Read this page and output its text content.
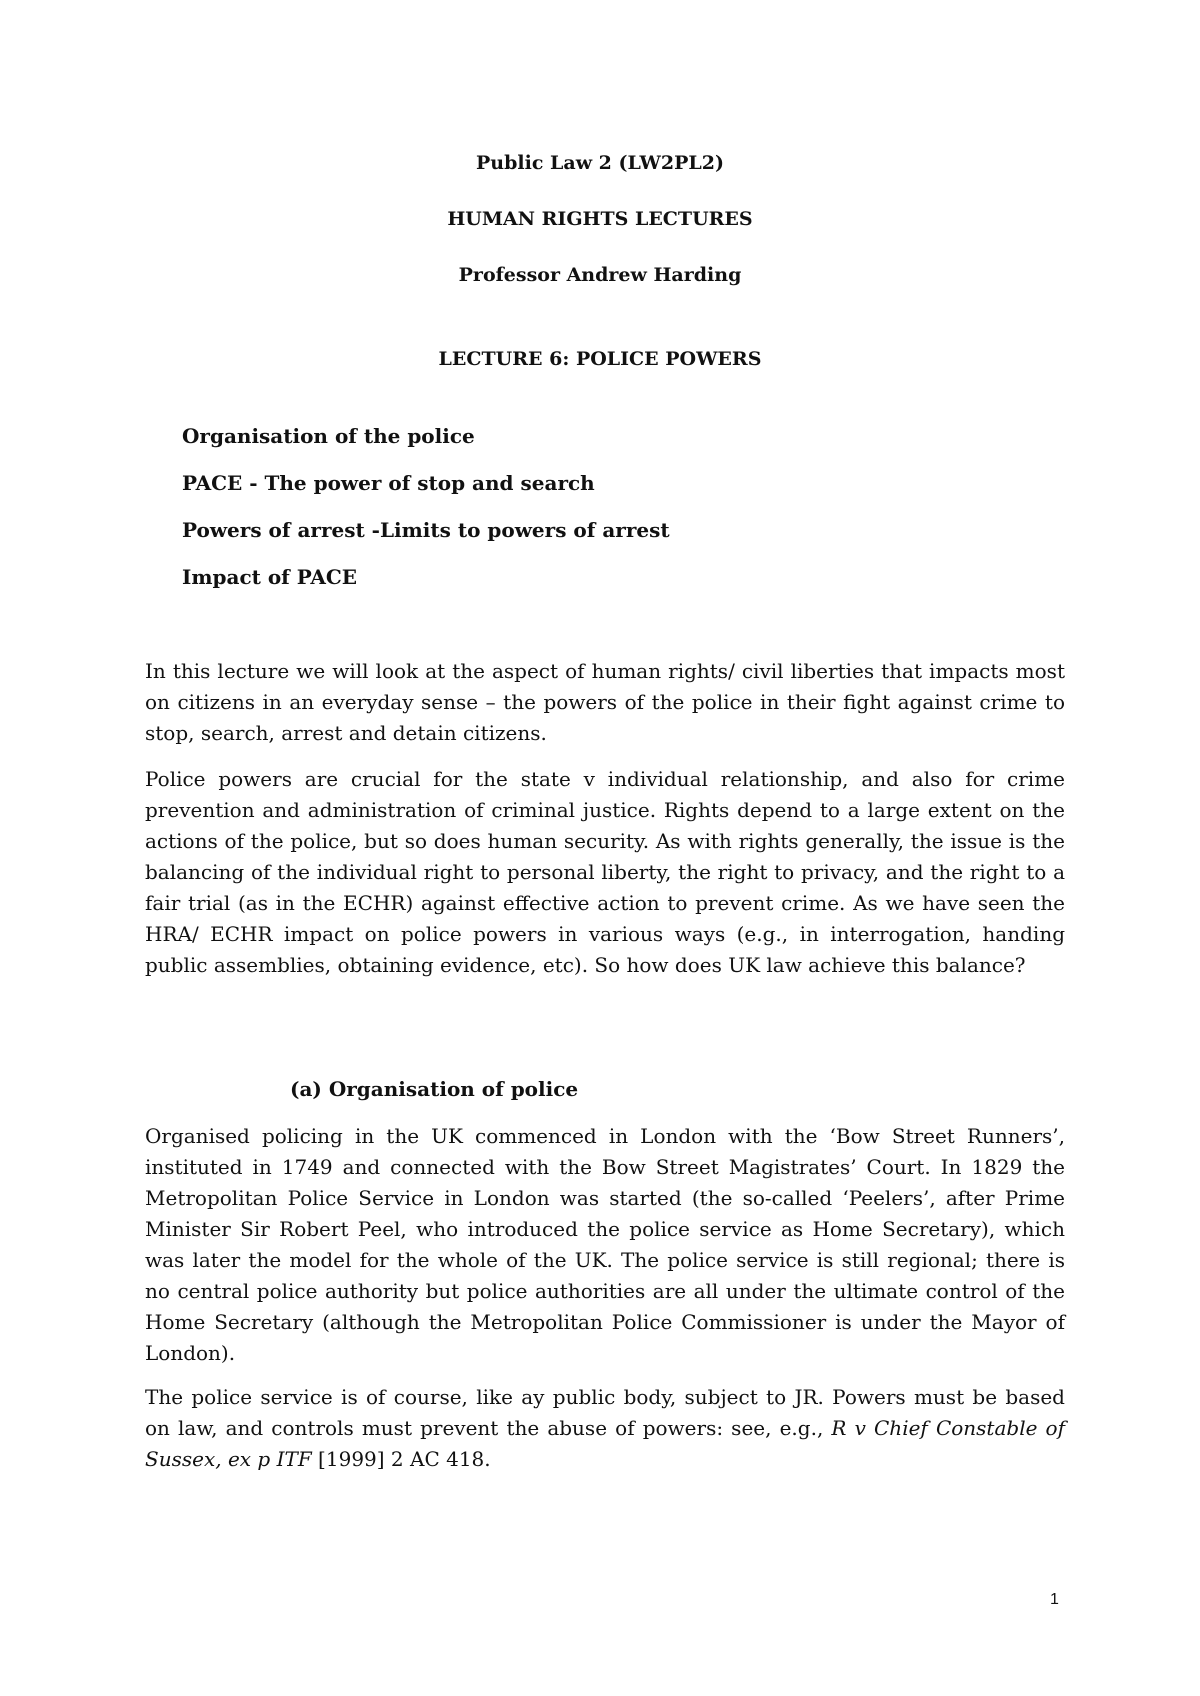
Public Law 2 (LW2PL2)
HUMAN RIGHTS LECTURES
Professor Andrew Harding
LECTURE 6: POLICE POWERS
Organisation of the police
PACE - The power of stop and search
Powers of arrest -Limits to powers of arrest
Impact of PACE

In this lecture we will look at the aspect of human rights/ civil liberties that impacts most on citizens in an everyday sense – the powers of the police in their fight against crime to stop, search, arrest and detain citizens.

Police powers are crucial for the state v individual relationship, and also for crime prevention and administration of criminal justice. Rights depend to a large extent on the actions of the police, but so does human security. As with rights generally, the issue is the balancing of the individual right to personal liberty, the right to privacy, and the right to a fair trial (as in the ECHR) against effective action to prevent crime. As we have seen the HRA/ ECHR impact on police powers in various ways (e.g., in interrogation, handing public assemblies, obtaining evidence, etc). So how does UK law achieve this balance?

(a) Organisation of police

Organised policing in the UK commenced in London with the ‘Bow Street Runners’, instituted in 1749 and connected with the Bow Street Magistrates’ Court. In 1829 the Metropolitan Police Service in London was started (the so-called ‘Peelers’, after Prime Minister Sir Robert Peel, who introduced the police service as Home Secretary), which was later the model for the whole of the UK. The police service is still regional; there is no central police authority but police authorities are all under the ultimate control of the Home Secretary (although the Metropolitan Police Commissioner is under the Mayor of London).

The police service is of course, like ay public body, subject to JR. Powers must be based on law, and controls must prevent the abuse of powers: see, e.g., R v Chief Constable of Sussex, ex p ITF [1999] 2 AC 418.

1
